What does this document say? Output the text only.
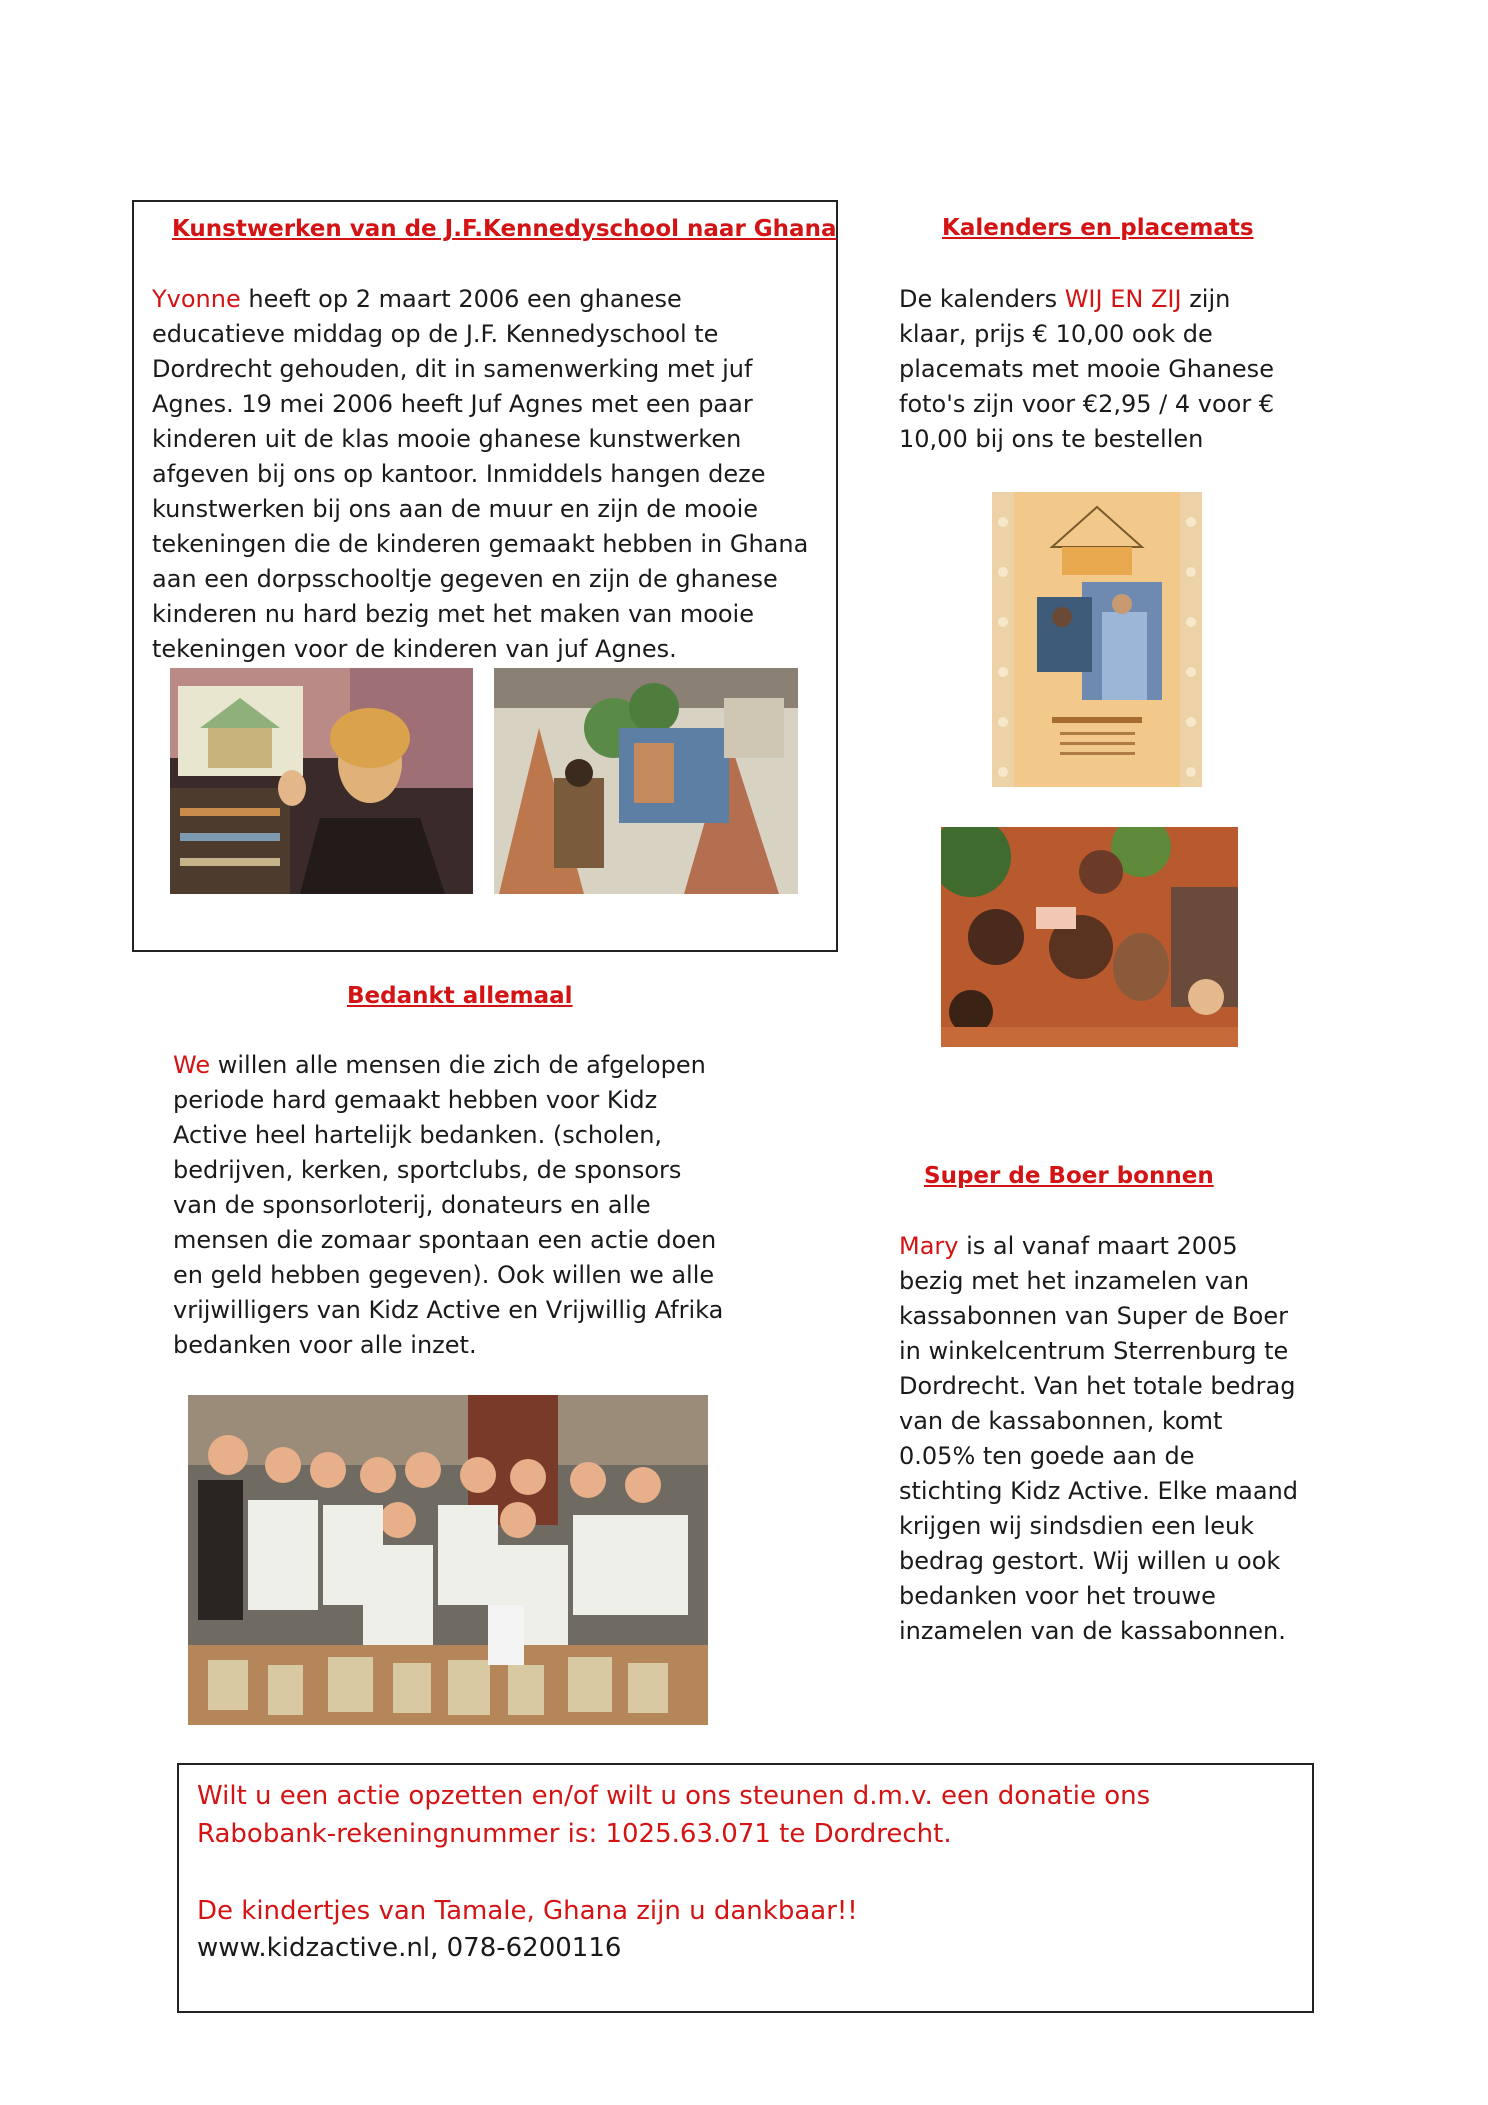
Kunstwerken van de J.F.Kennedyschool naar Ghana

Yvonne heeft op 2 maart 2006 een ghanese educatieve middag op de J.F. Kennedyschool te Dordrecht gehouden, dit in samenwerking met juf Agnes. 19 mei 2006 heeft Juf Agnes met een paar kinderen uit de klas mooie ghanese kunstwerken afgeven bij ons op kantoor. Inmiddels hangen deze kunstwerken bij ons aan de muur en zijn de mooie tekeningen die de kinderen gemaakt hebben in Ghana aan een dorpsschooltje gegeven en zijn de ghanese kinderen nu hard bezig met het maken van mooie tekeningen voor de kinderen van juf Agnes.

Kalenders en placemats

De kalenders WIJ EN ZIJ zijn klaar, prijs € 10,00 ook de placemats met mooie Ghanese foto's zijn voor €2,95 / 4 voor € 10,00 bij ons te bestellen

Bedankt allemaal

We willen alle mensen die zich de afgelopen periode hard gemaakt hebben voor Kidz Active heel hartelijk bedanken. (scholen, bedrijven, kerken, sportclubs, de sponsors van de sponsorloterij, donateurs en alle mensen die zomaar spontaan een actie doen en geld hebben gegeven). Ook willen we alle vrijwilligers van Kidz Active en Vrijwillig Afrika bedanken voor alle inzet.

Super de Boer bonnen

Mary is al vanaf maart 2005 bezig met het inzamelen van kassabonnen van Super de Boer in winkelcentrum Sterrenburg te Dordrecht. Van het totale bedrag van de kassabonnen, komt 0.05% ten goede aan de stichting Kidz Active. Elke maand krijgen wij sindsdien een leuk bedrag gestort. Wij willen u ook bedanken voor het trouwe inzamelen van de kassabonnen.

Wilt u een actie opzetten en/of wilt u ons steunen d.m.v. een donatie ons Rabobank-rekeningnummer is: 1025.63.071 te Dordrecht.

De kindertjes van Tamale, Ghana zijn u dankbaar!!

www.kidzactive.nl, 078-6200116
